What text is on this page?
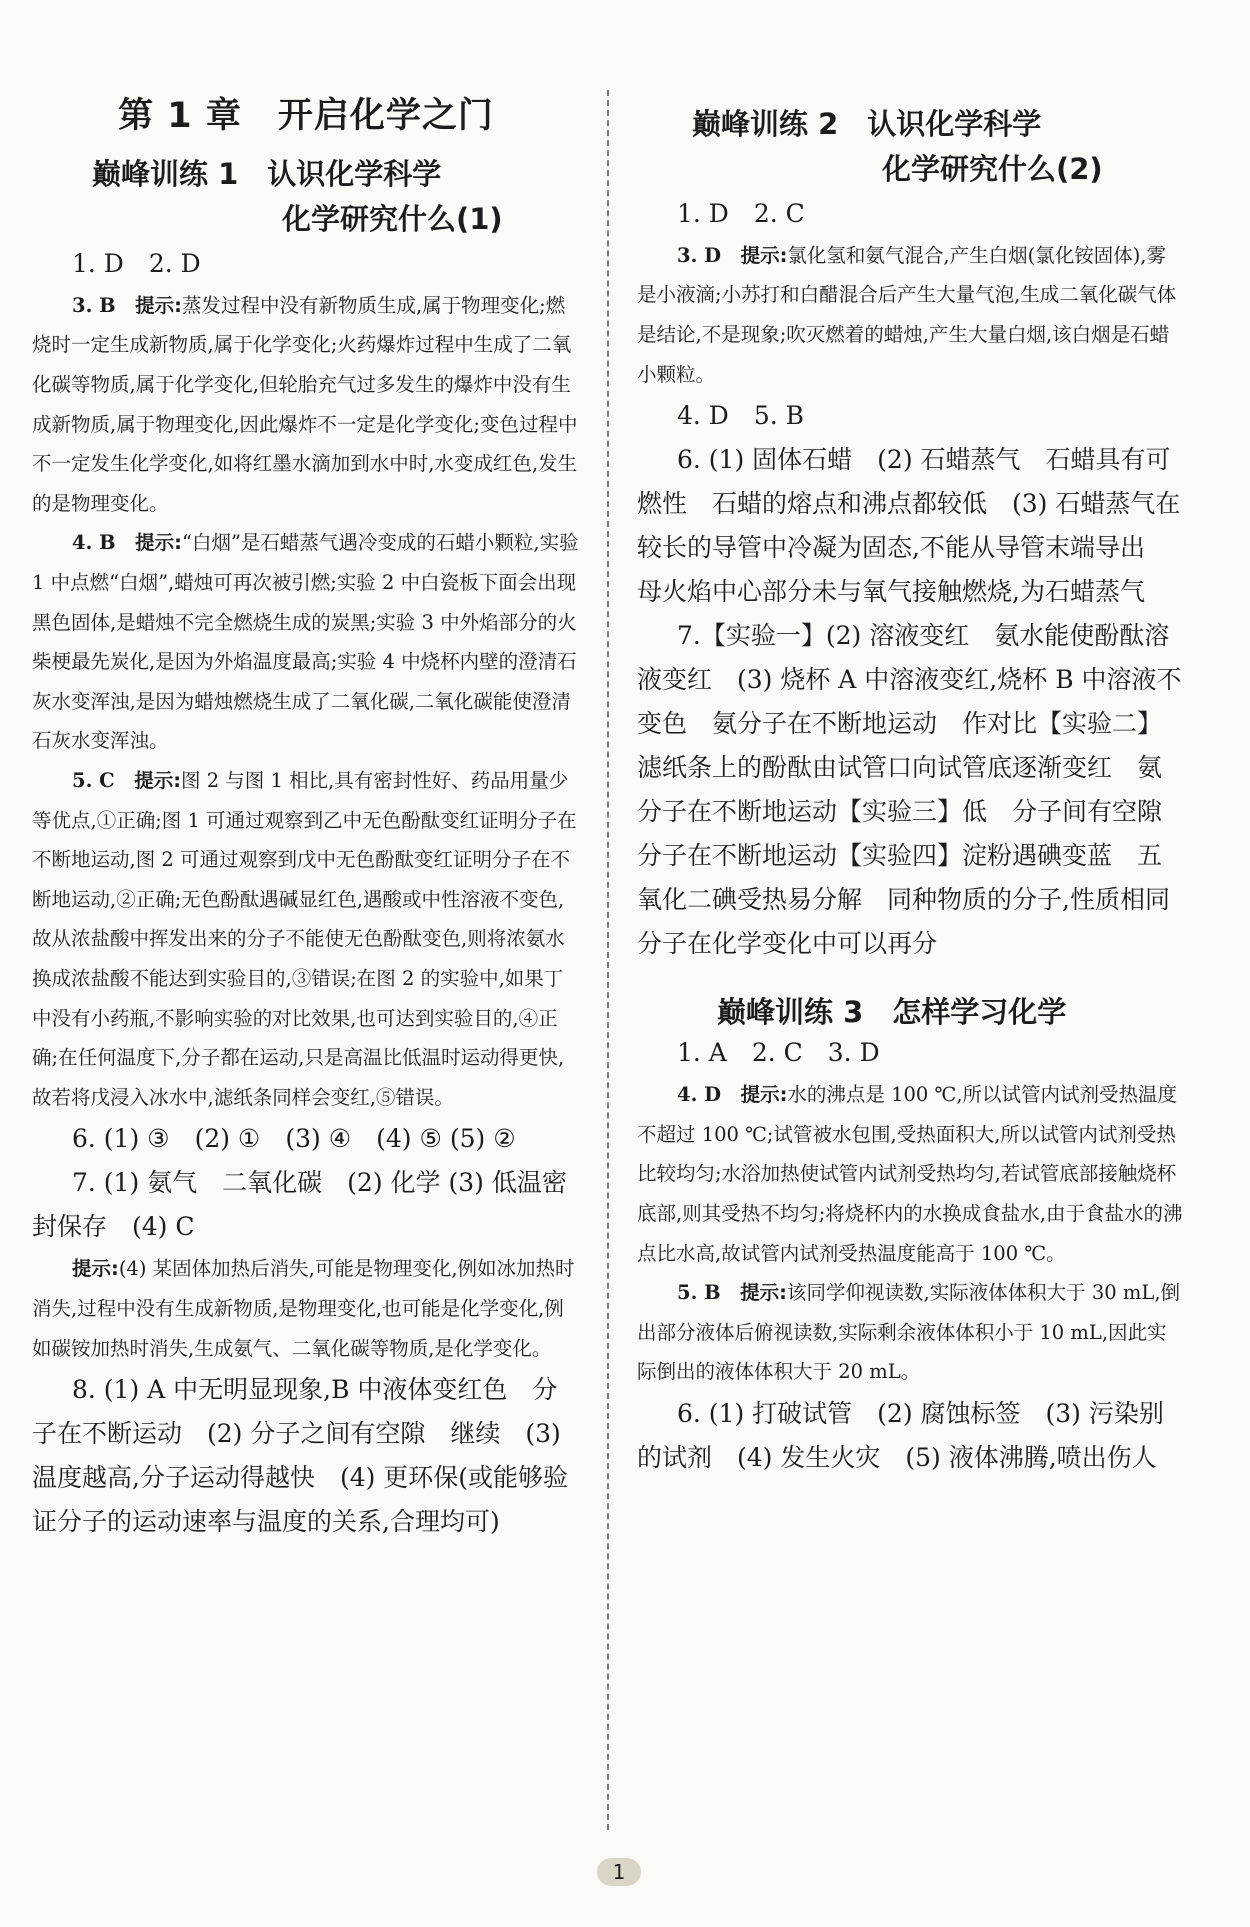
第 1 章　开启化学之门
巅峰训练 1　认识化学科学
化学研究什么(1)

1. D　2. D

3. B　 提示:蒸发过程中没有新物质生成,属于物理变化;燃烧时一定生成新物质,属于化学变化;火药爆炸过程中生成了二氧化碳等物质,属于化学变化,但轮胎充气过多发生的爆炸中没有生成新物质,属于物理变化,因此爆炸不一定是化学变化;变色过程中不一定发生化学变化,如将红墨水滴加到水中时,水变成红色,发生的是物理变化。

4. B　 提示:“白烟”是石蜡蒸气遇冷变成的石蜡小颗粒,实验 1 中点燃“白烟”,蜡烛可再次被引燃;实验 2 中白瓷板下面会出现黑色固体,是蜡烛不完全燃烧生成的炭黑;实验 3 中外焰部分的火柴梗最先炭化,是因为外焰温度最高;实验 4 中烧杯内壁的澄清石灰水变浑浊,是因为蜡烛燃烧生成了二氧化碳,二氧化碳能使澄清石灰水变浑浊。

5. C　 提示:图 2 与图 1 相比,具有密封性好、药品用量少等优点,①正确;图 1 可通过观察到乙中无色酚酞变红证明分子在不断地运动,图 2 可通过观察到戊中无色酚酞变红证明分子在不断地运动,②正确;无色酚酞遇碱显红色,遇酸或中性溶液不变色,故从浓盐酸中挥发出来的分子不能使无色酚酞变色,则将浓氨水换成浓盐酸不能达到实验目的,③错误;在图 2 的实验中,如果丁中没有小药瓶,不影响实验的对比效果,也可达到实验目的,④正确;在任何温度下,分子都在运动,只是高温比低温时运动得更快,故若将戊浸入冰水中,滤纸条同样会变红,⑤错误。

6. (1) ③　(2) ①　(3) ④　(4) ⑤ (5) ②

7. (1) 氨气　二氧化碳　(2) 化学 (3) 低温密封保存　(4) C

提示:(4) 某固体加热后消失,可能是物理变化,例如冰加热时消失,过程中没有生成新物质,是物理变化,也可能是化学变化,例如碳铵加热时消失,生成氨气、二氧化碳等物质,是化学变化。

8. (1) A 中无明显现象,B 中液体变红色　分子在不断运动　(2) 分子之间有空隙　继续　(3) 温度越高,分子运动得越快　(4) 更环保(或能够验证分子的运动速率与温度的关系,合理均可)

巅峰训练 2　认识化学科学
化学研究什么(2)

1. D　2. C

3. D　 提示:氯化氢和氨气混合,产生白烟(氯化铵固体),雾是小液滴;小苏打和白醋混合后产生大量气泡,生成二氧化碳气体是结论,不是现象;吹灭燃着的蜡烛,产生大量白烟,该白烟是石蜡小颗粒。

4. D　5. B

6. (1) 固体石蜡　(2) 石蜡蒸气　石蜡具有可燃性　石蜡的熔点和沸点都较低　(3) 石蜡蒸气在较长的导管中冷凝为固态,不能从导管末端导出　母火焰中心部分未与氧气接触燃烧,为石蜡蒸气

7.【实验一】(2) 溶液变红　氨水能使酚酞溶液变红　(3) 烧杯 A 中溶液变红,烧杯 B 中溶液不变色　氨分子在不断地运动　作对比【实验二】滤纸条上的酚酞由试管口向试管底逐渐变红　氨分子在不断地运动【实验三】低　分子间有空隙　分子在不断地运动【实验四】淀粉遇碘变蓝　五氧化二碘受热易分解　同种物质的分子,性质相同　分子在化学变化中可以再分

巅峰训练 3　怎样学习化学

1. A　2. C　3. D

4. D　 提示:水的沸点是 100 ℃,所以试管内试剂受热温度不超过 100 ℃;试管被水包围,受热面积大,所以试管内试剂受热比较均匀;水浴加热使试管内试剂受热均匀,若试管底部接触烧杯底部,则其受热不均匀;将烧杯内的水换成食盐水,由于食盐水的沸点比水高,故试管内试剂受热温度能高于 100 ℃。

5. B　 提示:该同学仰视读数,实际液体体积大于 30 mL,倒出部分液体后俯视读数,实际剩余液体体积小于 10 mL,因此实际倒出的液体体积大于 20 mL。

6. (1) 打破试管　(2) 腐蚀标签　(3) 污染别的试剂　(4) 发生火灾　(5) 液体沸腾,喷出伤人

1
